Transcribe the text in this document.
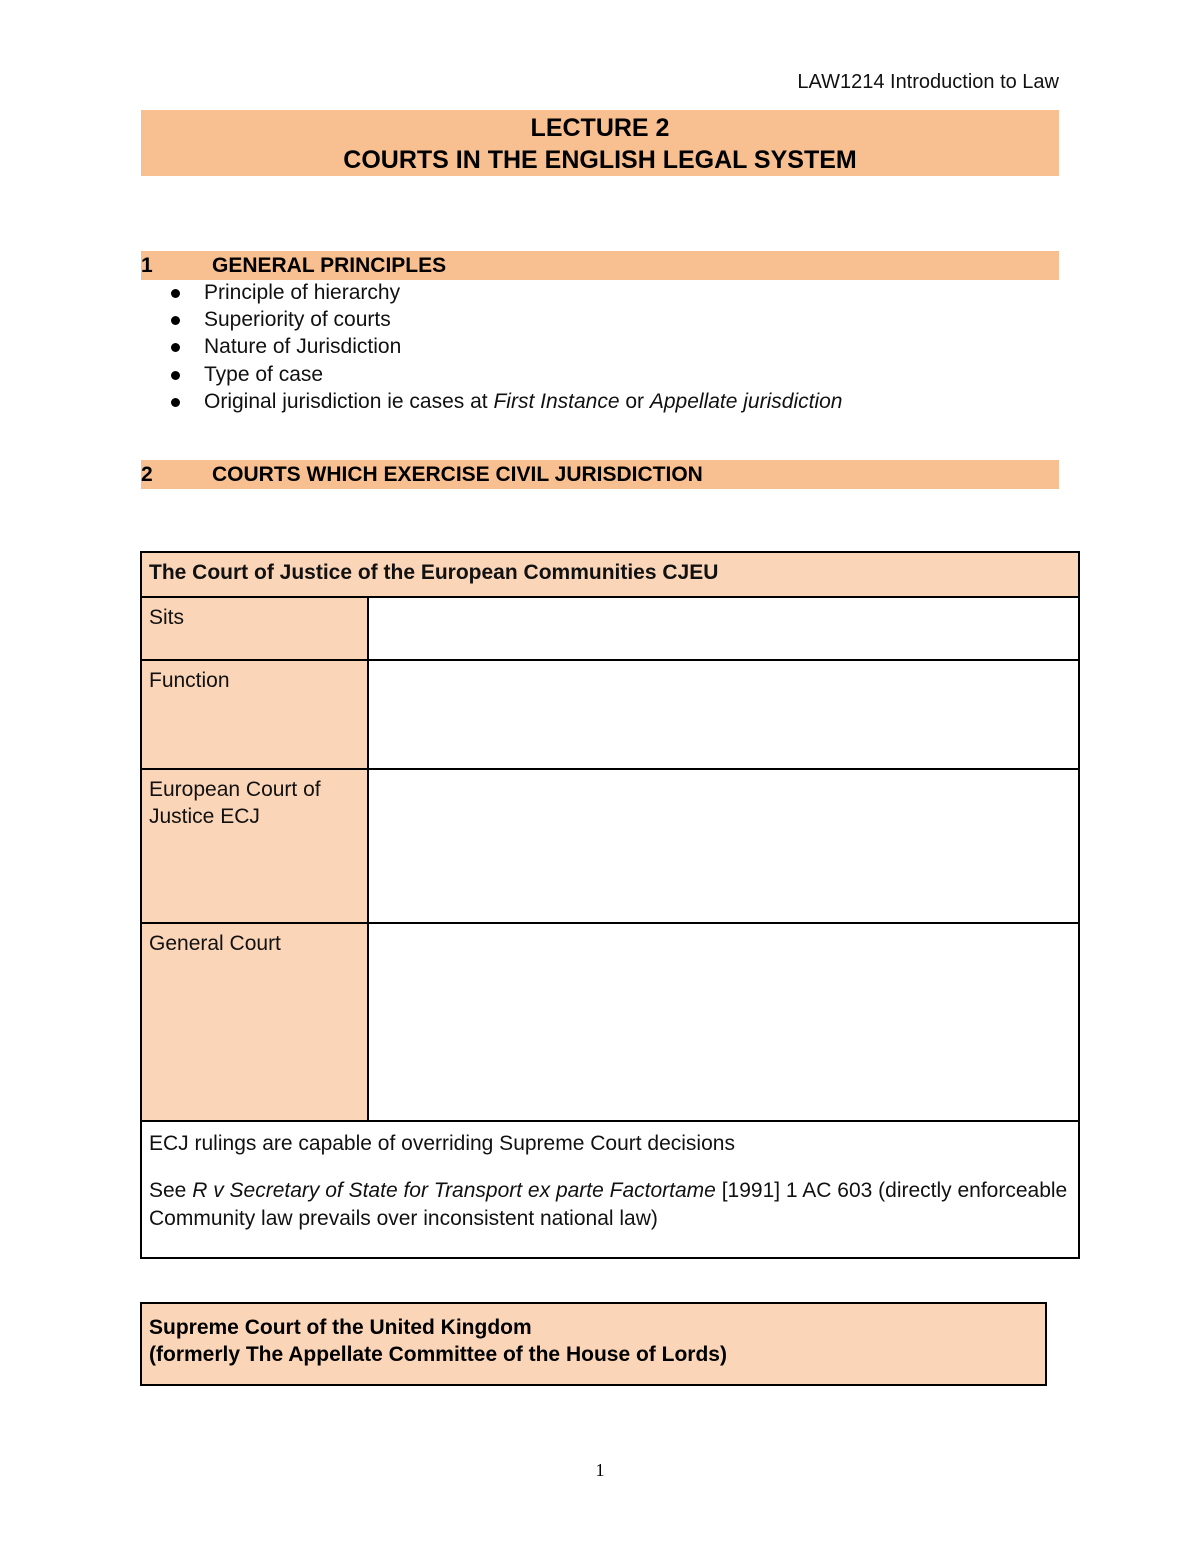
LAW1214 Introduction to Law
LECTURE 2
COURTS IN THE ENGLISH LEGAL SYSTEM
1	GENERAL PRINCIPLES
Principle of hierarchy
Superiority of courts
Nature of Jurisdiction
Type of case
Original jurisdiction ie cases at First Instance or Appellate jurisdiction
2	COURTS WHICH EXERCISE CIVIL JURISDICTION
The Court of Justice of the European Communities CJEU	
Sits	
Function	
European Court of Justice ECJ	
General Court	

ECJ rulings are capable of overriding Supreme Court decisions

See R v Secretary of State for Transport ex parte Factortame [1991] 1 AC 603 (directly enforceable Community law prevails over inconsistent national law)	

Supreme Court of the United Kingdom
(formerly The Appellate Committee of the House of Lords)
1
